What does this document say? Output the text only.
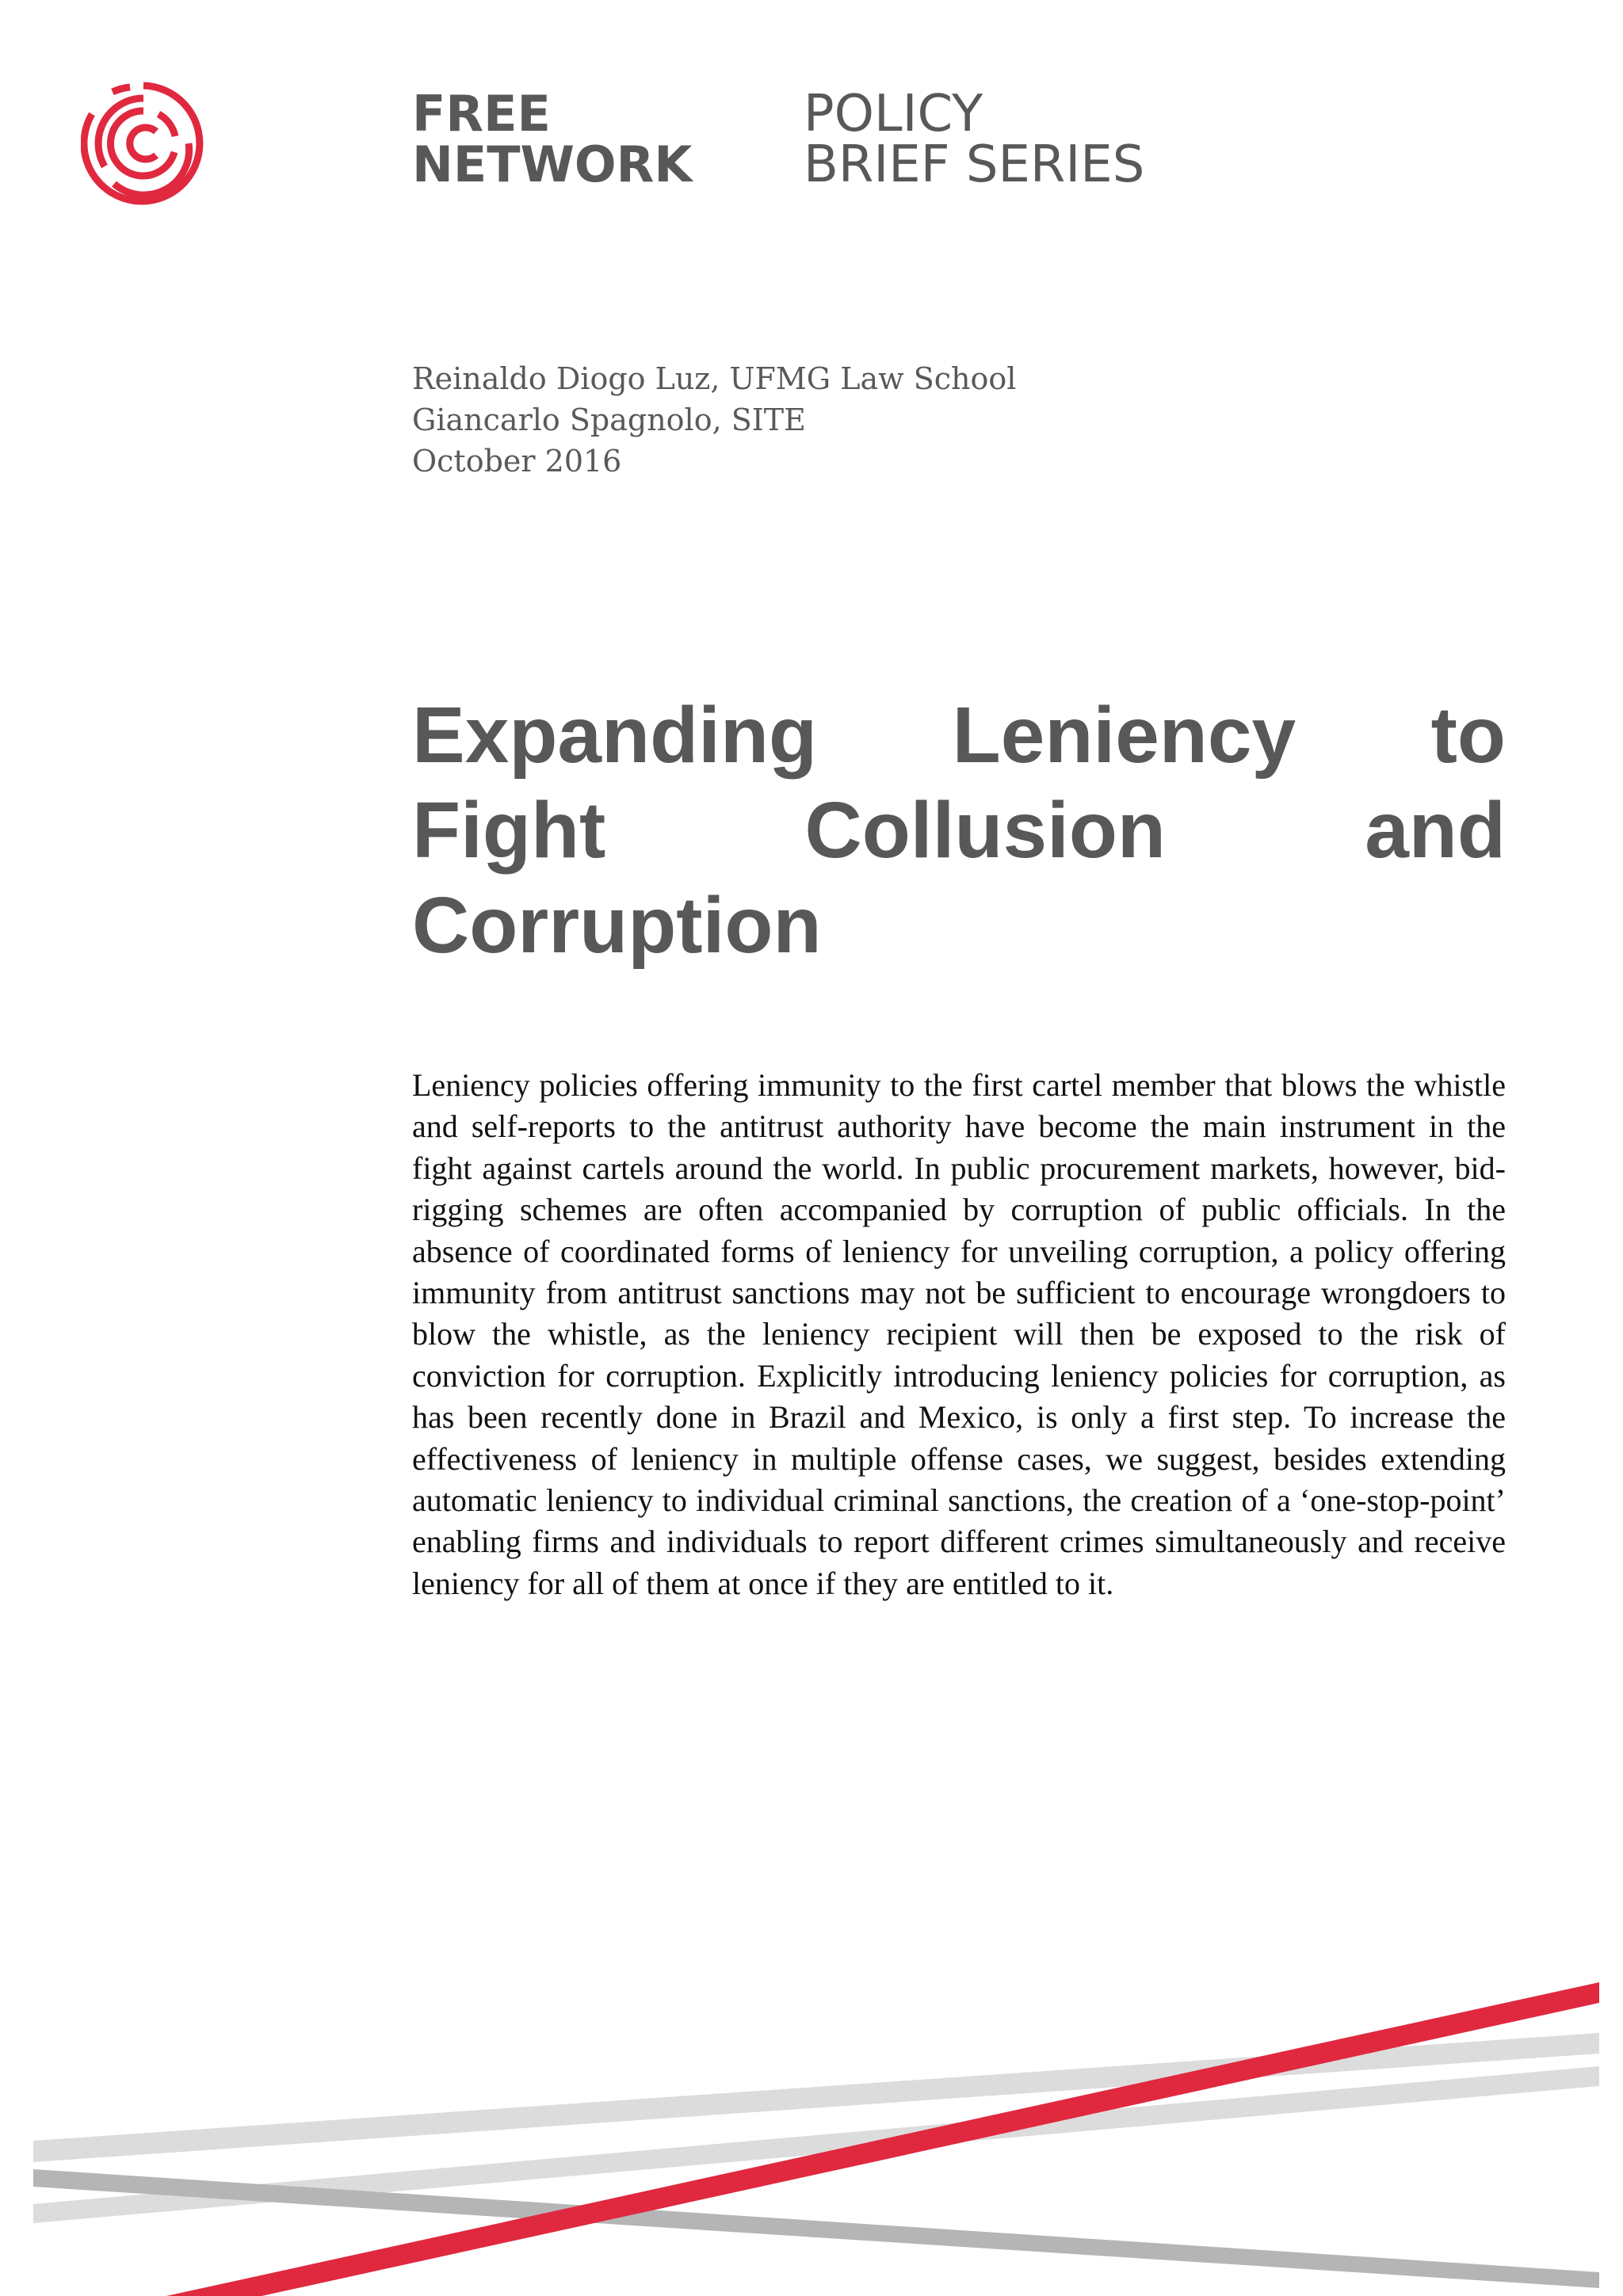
FREE
NETWORK
POLICY
BRIEF SERIES
Reinaldo Diogo Luz, UFMG Law School
Giancarlo Spagnolo, SITE
October 2016
Expanding Leniency to
Fight	Collusion	and
Corruption

Leniency policies offering immunity to the first cartel member that blows the whistle and self-reports to the antitrust authority have become the main instrument in the fight against cartels around the world. In public procurement markets, however, bid-rigging schemes are often accompanied by corruption of public officials. In the absence of coordinated forms of leniency for unveiling corruption, a policy offering immunity from antitrust sanctions may not be sufficient to encourage wrongdoers to blow the whistle, as the leniency recipient will then be exposed to the risk of conviction for corruption. Explicitly introducing leniency policies for corruption, as has been recently done in Brazil and Mexico, is only a first step. To increase the effectiveness of leniency in multiple offense cases, we suggest, besides extending automatic leniency to individual criminal sanctions, the creation of a ‘one-stop-point’ enabling firms and individuals to report different crimes simultaneously and receive leniency for all of them at once if they are entitled to it.
